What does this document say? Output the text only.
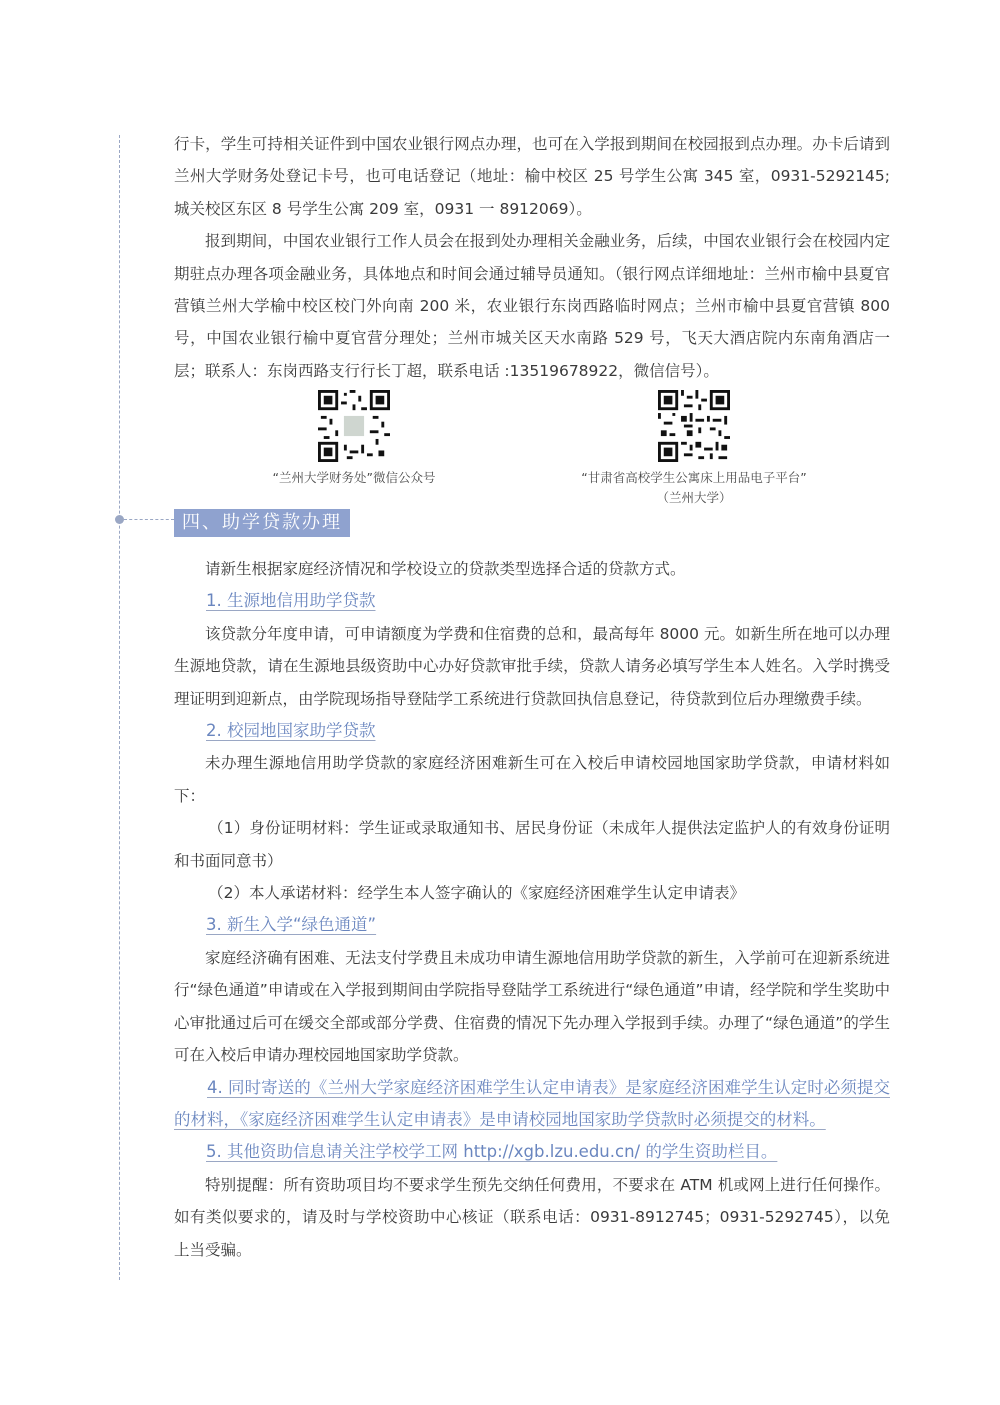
行卡，学生可持相关证件到中国农业银行网点办理，也可在入学报到期间在校园报到点办理。办卡后请到兰州大学财务处登记卡号，也可电话登记（地址：榆中校区 25 号学生公寓 345 室，0931-5292145; 城关校区东区 8 号学生公寓 209 室，0931 一 8912069）。

报到期间，中国农业银行工作人员会在报到处办理相关金融业务，后续，中国农业银行会在校园内定期驻点办理各项金融业务，具体地点和时间会通过辅导员通知。（银行网点详细地址：兰州市榆中县夏官营镇兰州大学榆中校区校门外向南 200 米，农业银行东岗西路临时网点；兰州市榆中县夏官营镇 800 号，中国农业银行榆中夏官营分理处；兰州市城关区天水南路 529 号，飞天大酒店院内东南角酒店一层；联系人：东岗西路支行行长丁超，联系电话 :13519678922，微信信号）。

“兰州大学财务处”微信公众号	“甘肃省高校学生公寓床上用品电子平台”
（兰州大学）
四、助学贷款办理

请新生根据家庭经济情况和学校设立的贷款类型选择合适的贷款方式。

1. 生源地信用助学贷款

该贷款分年度申请，可申请额度为学费和住宿费的总和，最高每年 8000 元。如新生所在地可以办理生源地贷款，请在生源地县级资助中心办好贷款审批手续，贷款人请务必填写学生本人姓名。入学时携受理证明到迎新点，由学院现场指导登陆学工系统进行贷款回执信息登记，待贷款到位后办理缴费手续。

2. 校园地国家助学贷款

未办理生源地信用助学贷款的家庭经济困难新生可在入校后申请校园地国家助学贷款，申请材料如下：

（1）身份证明材料：学生证或录取通知书、居民身份证（未成年人提供法定监护人的有效身份证明和书面同意书）

（2）本人承诺材料：经学生本人签字确认的《家庭经济困难学生认定申请表》

3. 新生入学“绿色通道”

家庭经济确有困难、无法支付学费且未成功申请生源地信用助学贷款的新生，入学前可在迎新系统进行“绿色通道”申请或在入学报到期间由学院指导登陆学工系统进行“绿色通道”申请，经学院和学生奖助中心审批通过后可在缓交全部或部分学费、住宿费的情况下先办理入学报到手续。办理了“绿色通道”的学生可在入校后申请办理校园地国家助学贷款。

4. 同时寄送的《兰州大学家庭经济困难学生认定申请表》是家庭经济困难学生认定时必须提交的材料，《家庭经济困难学生认定申请表》是申请校园地国家助学贷款时必须提交的材料。

5. 其他资助信息请关注学校学工网 http://xgb.lzu.edu.cn/ 的学生资助栏目。

特别提醒：所有资助项目均不要求学生预先交纳任何费用，不要求在 ATM 机或网上进行任何操作。如有类似要求的，请及时与学校资助中心核证（联系电话：0931-8912745；0931-5292745），以免上当受骗。
